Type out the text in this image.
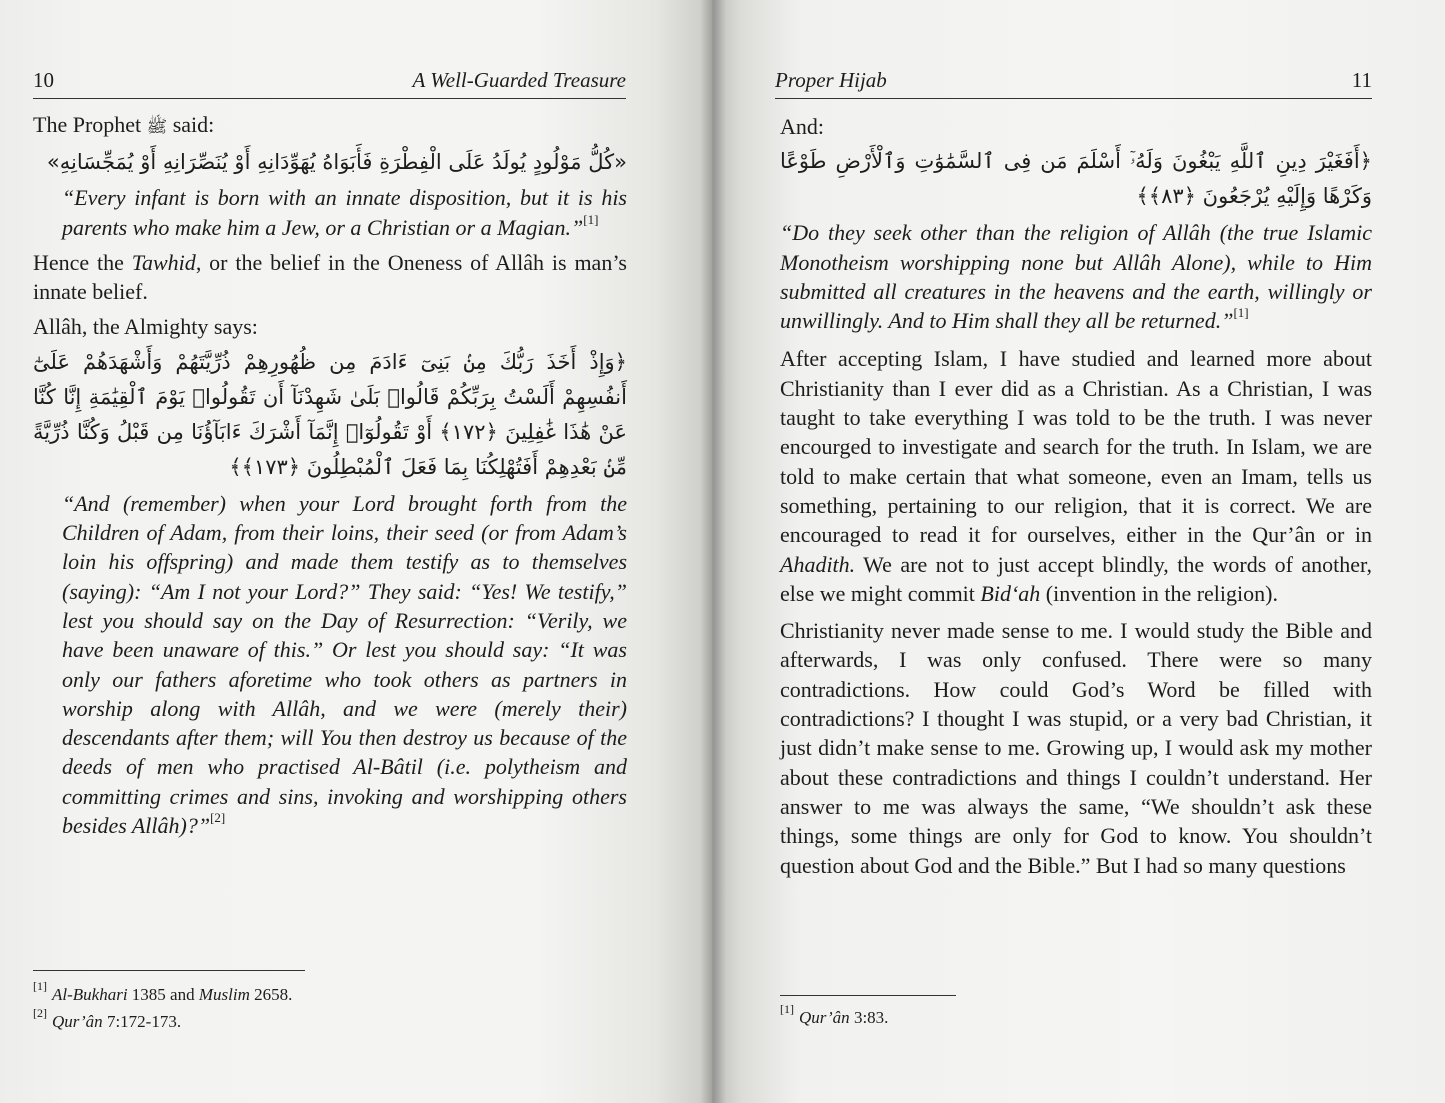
10	A Well-Guarded Treasure

The Prophet ﷺ said:

«كُلُّ مَوْلُودٍ يُولَدُ عَلَى الْفِطْرَةِ فَأَبَوَاهُ يُهَوِّدَانِهِ أَوْ يُنَصِّرَانِهِ أَوْ يُمَجِّسَانِهِ»

“Every infant is born with an innate disposition, but it is his parents who make him a Jew, or a Christian or a Magian.”[1]

Hence the Tawhid, or the belief in the Oneness of Allâh is man’s innate belief.

Allâh, the Almighty says:

﴿وَإِذْ أَخَذَ رَبُّكَ مِنۢ بَنِىٓ ءَادَمَ مِن ظُهُورِهِمْ ذُرِّيَّتَهُمْ وَأَشْهَدَهُمْ عَلَىٰٓ أَنفُسِهِمْ أَلَسْتُ بِرَبِّكُمْ قَالُوا۟ بَلَىٰ شَهِدْنَآ أَن تَقُولُوا۟ يَوْمَ ٱلْقِيَٰمَةِ إِنَّا كُنَّا عَنْ هَٰذَا غَٰفِلِينَ ﴿١٧٢﴾ أَوْ تَقُولُوٓا۟ إِنَّمَآ أَشْرَكَ ءَابَآؤُنَا مِن قَبْلُ وَكُنَّا ذُرِّيَّةً مِّنۢ بَعْدِهِمْ أَفَتُهْلِكُنَا بِمَا فَعَلَ ٱلْمُبْطِلُونَ ﴿١٧٣﴾﴾

“And (remember) when your Lord brought forth from the Children of Adam, from their loins, their seed (or from Adam’s loin his offspring) and made them testify as to themselves (saying): “Am I not your Lord?” They said: “Yes! We testify,” lest you should say on the Day of Resurrection: “Verily, we have been unaware of this.” Or lest you should say: “It was only our fathers aforetime who took others as partners in worship along with Allâh, and we were (merely their) descendants after them; will You then destroy us because of the deeds of men who practised Al-Bâtil (i.e. polytheism and committing crimes and sins, invoking and worshipping others besides Allâh)?”[2]

[1] Al-Bukhari 1385 and Muslim 2658.
[2] Qur’ân 7:172-173.
Proper Hijab	11

And:

﴿أَفَغَيْرَ دِينِ ٱللَّهِ يَبْغُونَ وَلَهُۥٓ أَسْلَمَ مَن فِى ٱلسَّمَٰوَٰتِ وَٱلْأَرْضِ طَوْعًا وَكَرْهًا وَإِلَيْهِ يُرْجَعُونَ ﴿٨٣﴾﴾

“Do they seek other than the religion of Allâh (the true Islamic Monotheism worshipping none but Allâh Alone), while to Him submitted all creatures in the heavens and the earth, willingly or unwillingly. And to Him shall they all be returned.”[1]

After accepting Islam, I have studied and learned more about Christianity than I ever did as a Christian. As a Christian, I was taught to take everything I was told to be the truth. I was never encourged to investigate and search for the truth. In Islam, we are told to make certain that what someone, even an Imam, tells us something, pertaining to our religion, that it is correct. We are encouraged to read it for ourselves, either in the Qur’ân or in Ahadith. We are not to just accept blindly, the words of another, else we might commit Bid‘ah (invention in the religion).

Christianity never made sense to me. I would study the Bible and afterwards, I was only confused. There were so many contradictions. How could God’s Word be filled with contradictions? I thought I was stupid, or a very bad Christian, it just didn’t make sense to me. Growing up, I would ask my mother about these contradictions and things I couldn’t understand. Her answer to me was always the same, “We shouldn’t ask these things, some things are only for God to know. You shouldn’t question about God and the Bible.” But I had so many questions

[1] Qur’ân 3:83.
